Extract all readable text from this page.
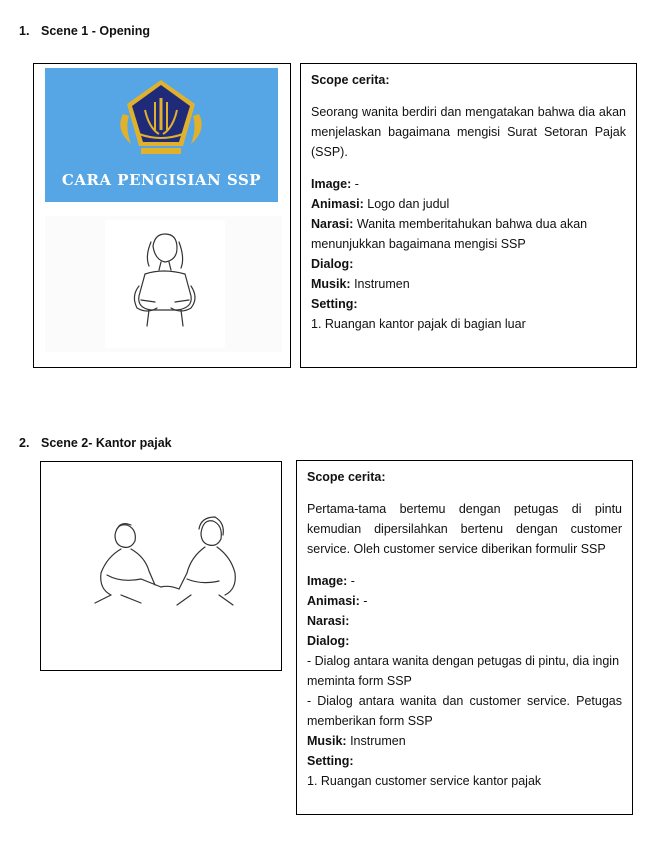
1. Scene 1 - Opening
CARA PENGISIAN SSP

Scope cerita:

Seorang wanita berdiri dan mengatakan bahwa dia akan menjelaskan bagaimana mengisi Surat Setoran Pajak (SSP).

Image: -

Animasi: Logo dan judul

Narasi: Wanita memberitahukan bahwa dua akan menunjukkan bagaimana mengisi SSP

Dialog:

Musik: Instrumen

Setting:

1. Ruangan kantor pajak di bagian luar

2. Scene 2- Kantor pajak

Scope cerita:

Pertama-tama bertemu dengan petugas di pintu kemudian dipersilahkan bertenu dengan customer service. Oleh customer service diberikan formulir SSP

Image: -

Animasi: -

Narasi:

Dialog:

- Dialog antara wanita dengan petugas di pintu, dia ingin meminta form SSP

- Dialog antara wanita dan customer service. Petugas memberikan form SSP

Musik: Instrumen

Setting:

1. Ruangan customer service kantor pajak
